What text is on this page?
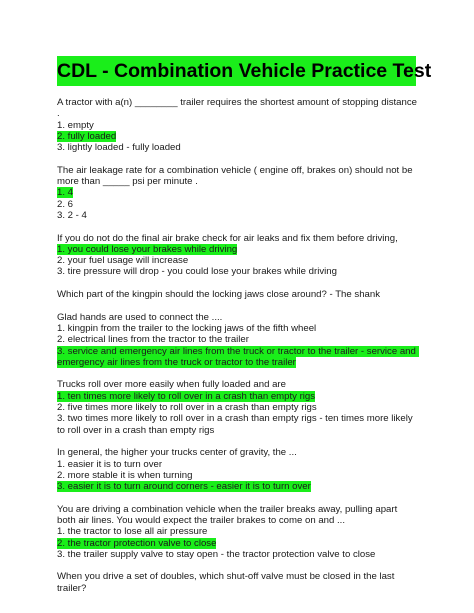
CDL - Combination Vehicle Practice Test
A tractor with a(n) ________ trailer requires the shortest amount of stopping distance .
1. empty
2. fully loaded
3. lightly loaded - fully loaded
The air leakage rate for a combination vehicle ( engine off, brakes on) should not be more than _____ psi per minute .
1. 4
2. 6
3. 2 - 4
If you do not do the final air brake check for air leaks and fix them before driving,
1. you could lose your brakes while driving
2. your fuel usage will increase
3. tire pressure will drop - you could lose your brakes while driving
Which part of the kingpin should the locking jaws close around? - The shank
Glad hands are used to connect the ....
1. kingpin from the trailer to the locking jaws of the fifth wheel
2. electrical lines from the tractor to the trailer
3. service and emergency air lines from the truck or tractor to the trailer - service and emergency air lines from the truck or tractor to the trailer
Trucks roll over more easily when fully loaded and are
1. ten times more likely to roll over in a crash than empty rigs
2. five times more likely to roll over in a crash than empty rigs
3. two times more likely to roll over in a crash than empty rigs - ten times more likely to roll over in a crash than empty rigs
In general, the higher your trucks center of gravity, the ...
1. easier it is to turn over
2. more stable it is when turning
3. easier it is to turn around corners - easier it is to turn over
You are driving a combination vehicle when the trailer breaks away, pulling apart both air lines. You would expect the trailer brakes to come on and ...
1. the tractor to lose all air pressure
2. the tractor protection valve to close
3. the trailer supply valve to stay open - the tractor protection valve to close
When you drive a set of doubles, which shut-off valve must be closed in the last trailer?
